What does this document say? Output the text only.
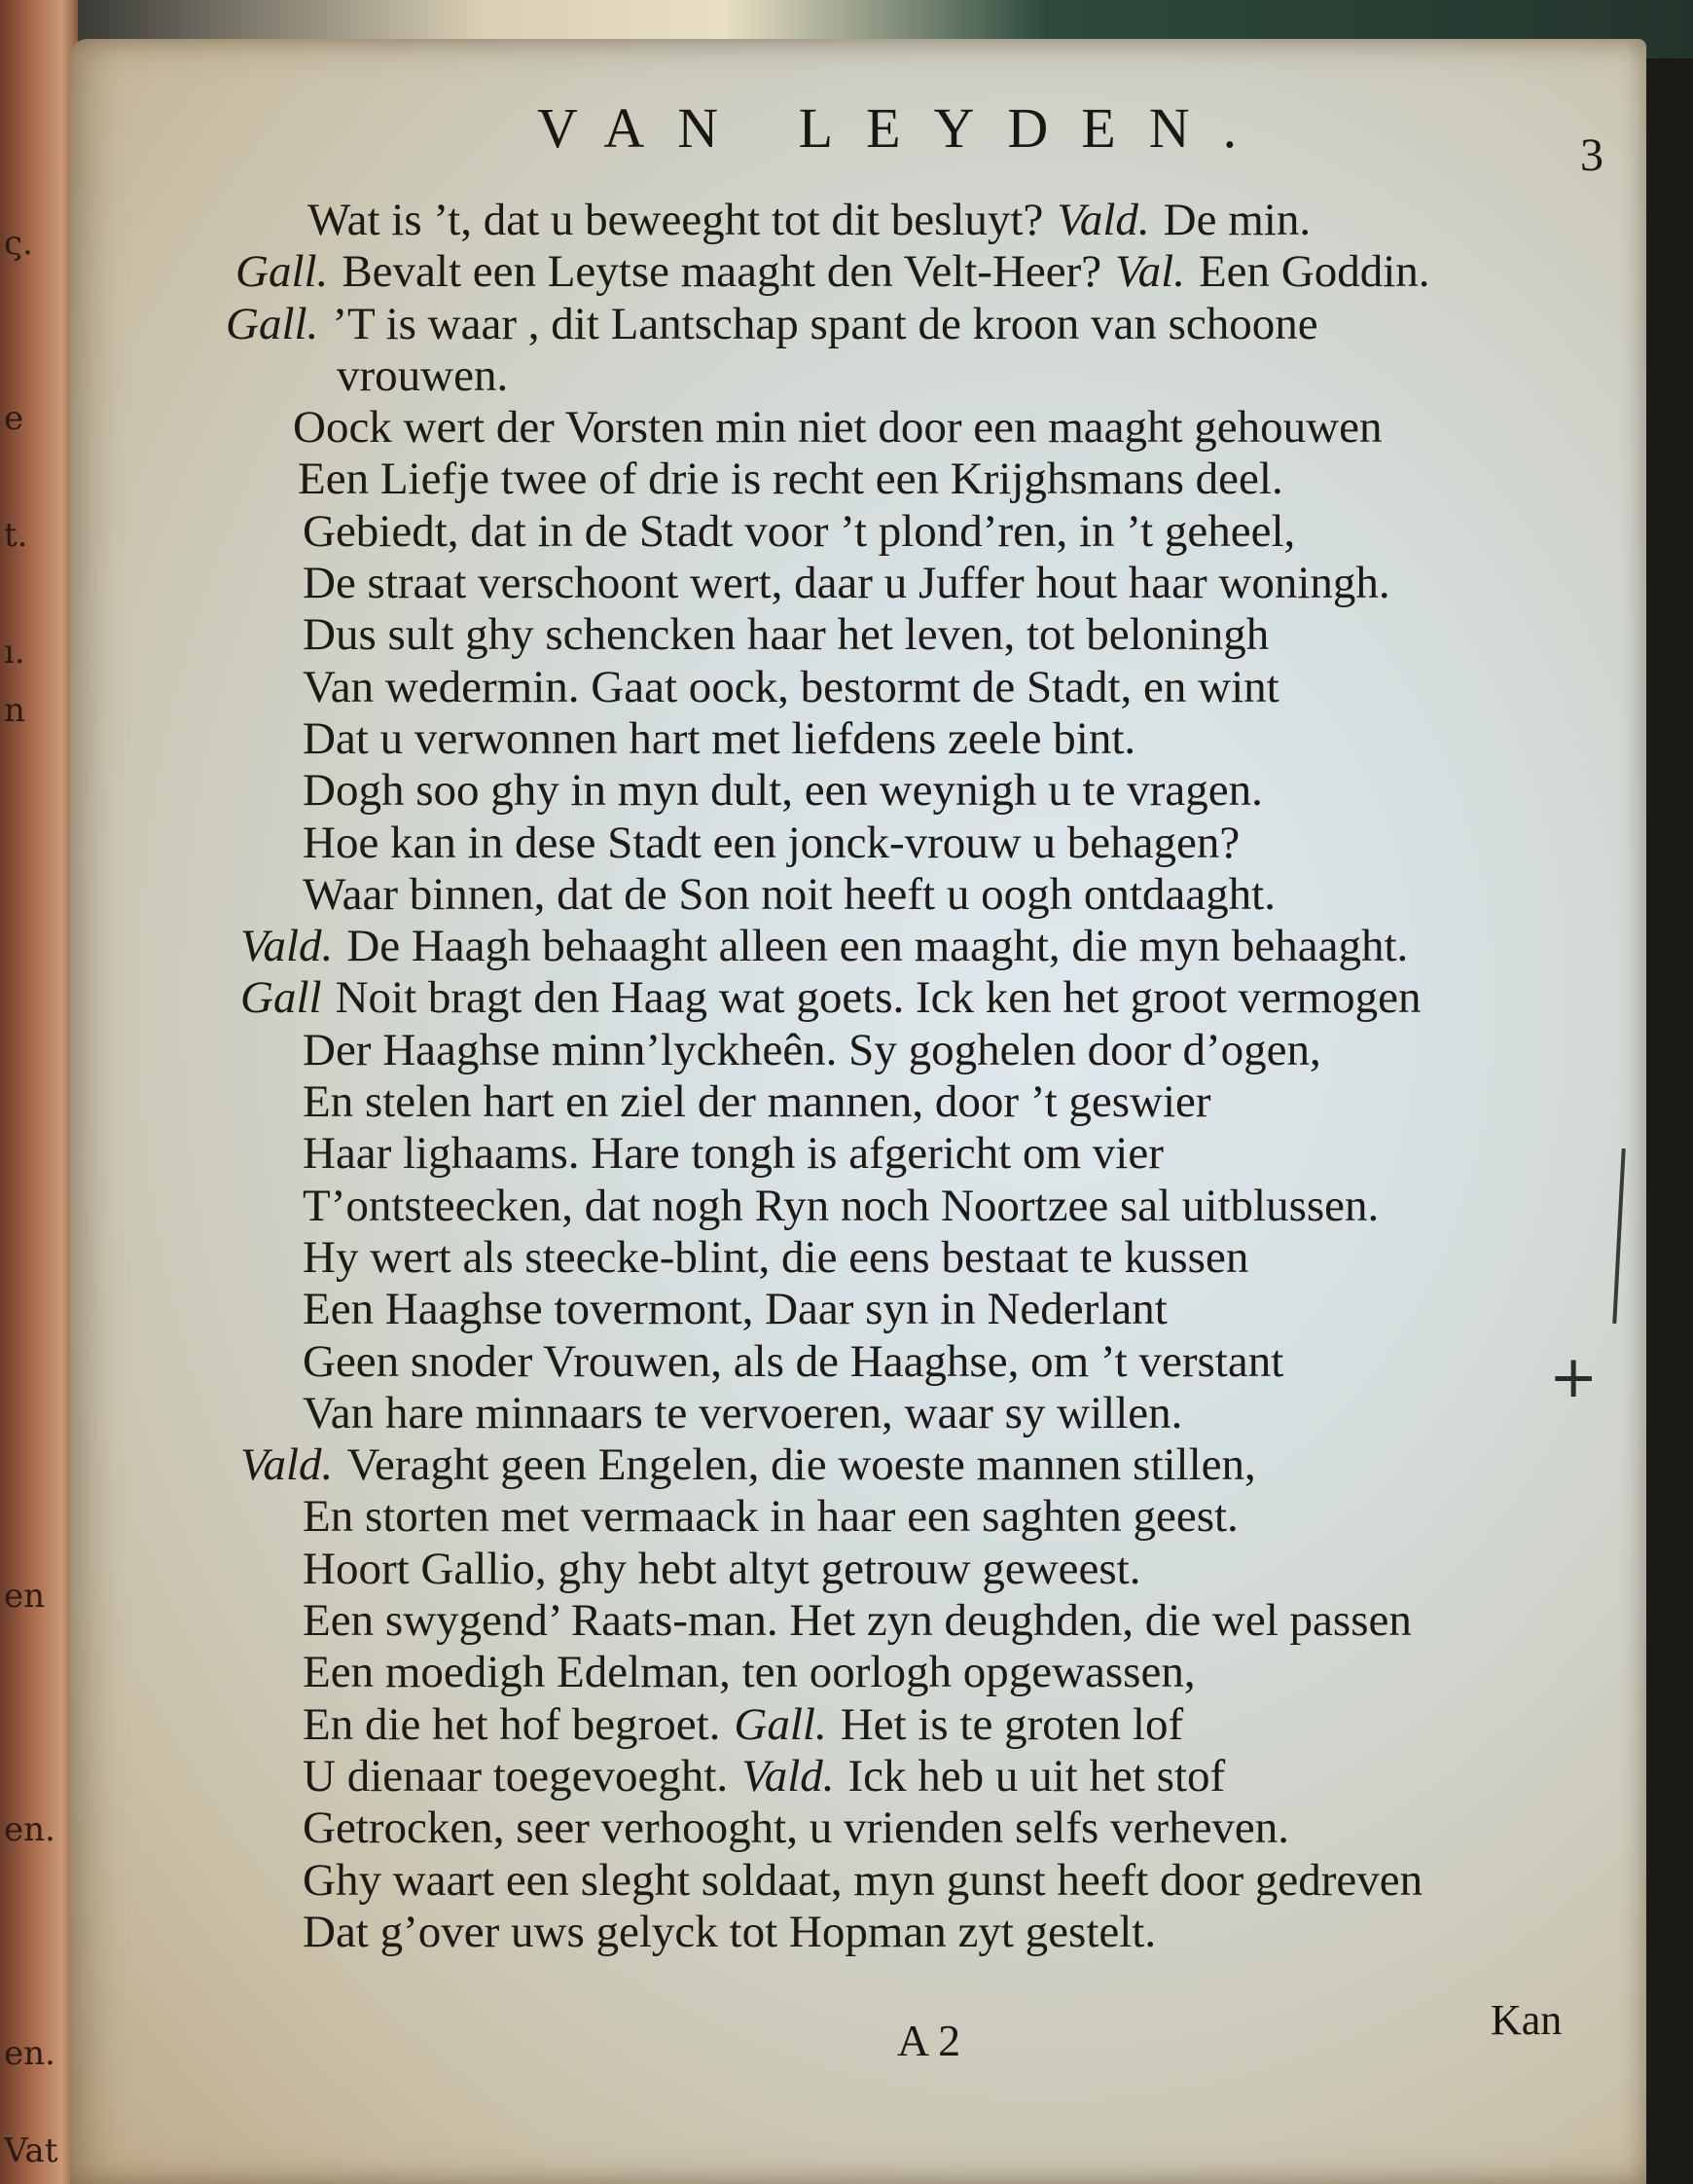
ς.
e
t.
ı.
n
en
en.
en.
Vat
VAN LEYDEN.	3
Wat is ’t, dat u beweeght tot dit besluyt? Vald. De min.
Gall. Bevalt een Leytse maaght den Velt-Heer? Val. Een Goddin.
Gall. ’T is waar , dit Lantschap spant de kroon van schoone
vrouwen.
Oock wert der Vorsten min niet door een maaght gehouwen
Een Liefje twee of drie is recht een Krijghsmans deel.
Gebiedt, dat in de Stadt voor ’t plond’ren, in ’t geheel,
De straat verschoont wert, daar u Juffer hout haar woningh.
Dus sult ghy schencken haar het leven, tot beloningh
Van wedermin. Gaat oock, bestormt de Stadt, en wint
Dat u verwonnen hart met liefdens zeele bint.
Dogh soo ghy in myn dult, een weynigh u te vragen.
Hoe kan in dese Stadt een jonck-vrouw u behagen?
Waar binnen, dat de Son noit heeft u oogh ontdaaght.
Vald. De Haagh behaaght alleen een maaght, die myn behaaght.
Gall Noit bragt den Haag wat goets. Ick ken het groot vermogen
Der Haaghse minn’lyckheên. Sy goghelen door d’ogen,
En stelen hart en ziel der mannen, door ’t geswier
Haar lighaams. Hare tongh is afgericht om vier
T’ontsteecken, dat nogh Ryn noch Noortzee sal uitblussen.
Hy wert als steecke-blint, die eens bestaat te kussen
Een Haaghse tovermont, Daar syn in Nederlant
Geen snoder Vrouwen, als de Haaghse, om ’t verstant
Van hare minnaars te vervoeren, waar sy willen.
Vald. Veraght geen Engelen, die woeste mannen stillen,
En storten met vermaack in haar een saghten geest.
Hoort Gallio, ghy hebt altyt getrouw geweest.
Een swygend’ Raats-man. Het zyn deughden, die wel passen
Een moedigh Edelman, ten oorlogh opgewassen,
En die het hof begroet. Gall. Het is te groten lof
U dienaar toegevoeght. Vald. Ick heb u uit het stof
Getrocken, seer verhooght, u vrienden selfs verheven.
Ghy waart een sleght soldaat, myn gunst heeft door gedreven
Dat g’over uws gelyck tot Hopman zyt gestelt.
+
A 2	Kan
